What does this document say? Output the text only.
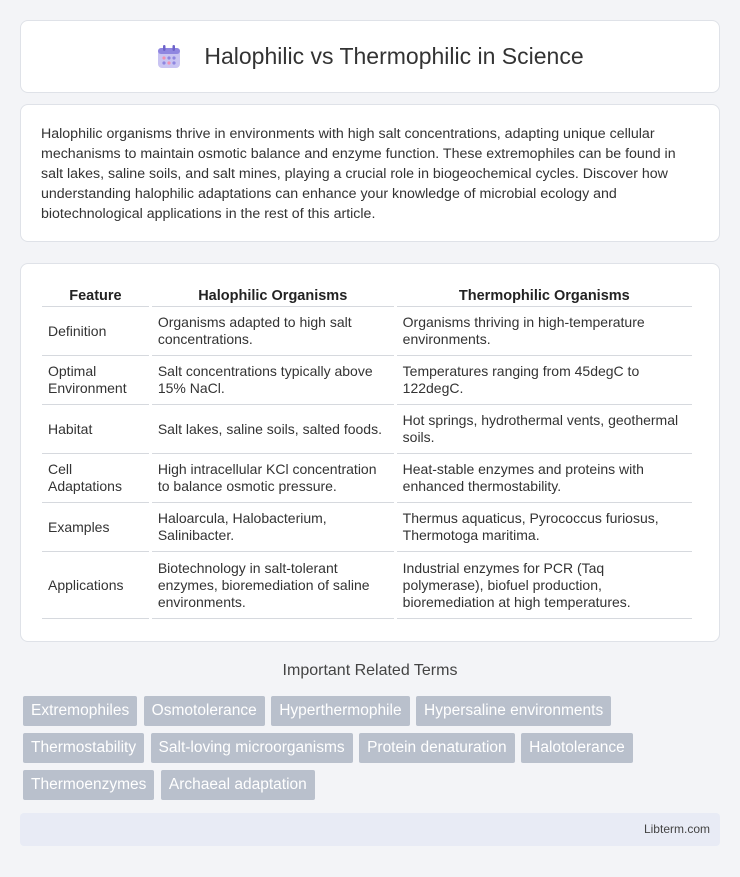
Halophilic vs Thermophilic in Science

Halophilic organisms thrive in environments with high salt concentrations, adapting unique cellular mechanisms to maintain osmotic balance and enzyme function. These extremophiles can be found in salt lakes, saline soils, and salt mines, playing a crucial role in biogeochemical cycles. Discover how understanding halophilic adaptations can enhance your knowledge of microbial ecology and biotechnological applications in the rest of this article.

Feature	Halophilic Organisms	Thermophilic Organisms
Definition	Organisms adapted to high salt concentrations.	Organisms thriving in high-temperature environments.
Optimal Environment	Salt concentrations typically above 15% NaCl.	Temperatures ranging from 45degC to 122degC.
Habitat	Salt lakes, saline soils, salted foods.	Hot springs, hydrothermal vents, geothermal soils.
Cell Adaptations	High intracellular KCl concentration to balance osmotic pressure.	Heat-stable enzymes and proteins with enhanced thermostability.
Examples	Haloarcula, Halobacterium, Salinibacter.	Thermus aquaticus, Pyrococcus furiosus, Thermotoga maritima.
Applications	Biotechnology in salt-tolerant enzymes, bioremediation of saline environments.	Industrial enzymes for PCR (Taq polymerase), biofuel production, bioremediation at high temperatures.
Important Related Terms
Extremophiles Osmotolerance Hyperthermophile Hypersaline environments Thermostability Salt-loving microorganisms Protein denaturation Halotolerance Thermoenzymes Archaeal adaptation
Libterm.com
